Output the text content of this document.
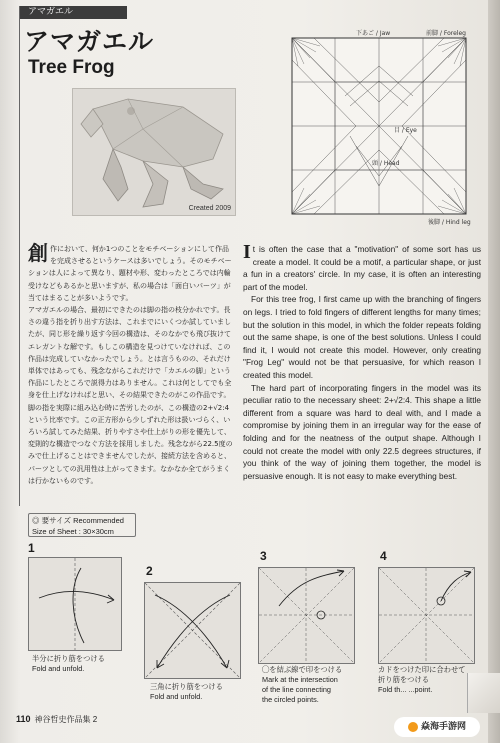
アマガエル
アマガエル
Tree Frog
Created 2009
下あご / Jaw	前脚 / Foreleg
目 / Eye
頭 / Head
後脚 / Hind leg
創作において、何か1つのことをモチベーションにして作品を完成させるというケースは多いでしょう。そのモチベーションは人によって異なり、題材や形、変わったところでは内輪受けなどもあるかと思いますが、私の場合は「面白いパーツ」が当てはまることが多いようです。
アマガエルの場合、最初にできたのは脚の指の枝分かれです。長さの違う指を折り出す方法は、これまでにいくつか試していましたが、同じ形を繰り返す今回の構造は、そのなかでも飛び抜けてエレガントな解です。もしこの構造を見つけていなければ、この作品は完成していなかったでしょう。とは言うものの、それだけ単体ではあっても、残念ながらこれだけで「カエルの脚」という作品にしたところで説得力はありません。これは何としてでも全身を仕上げなければと思い、その結果できたのがこの作品です。
脚の指を実際に組み込む時に苦労したのが、この構造の2+√2:4という比率です。この正方形から少しずれた形は扱いづらく、いろいろ試してみた結果、折りやすさや仕上がりの形を優先して、変則的な構造でつなぐ方法を採用しました。残念ながら22.5度のみで仕上げることはできませんでしたが、接続方法を含めると、パーツとしての汎用性は上がってきます。なかなか全てがうまくは行かないものです。

It is often the case that a "motivation" of some sort has us create a model. It could be a motif, a particular shape, or just a fun in a creators' circle. In my case, it is often an interesting part of the model.

For this tree frog, I first came up with the branching of fingers on legs. I tried to fold fingers of different lengths for many times; but the solution in this model, in which the folder repeats folding out the same shape, is one of the best solutions. Unless I could find it, I would not create this model. However, only creating "Frog Leg" would not be that persuasive, for which reason I created this model.

The hard part of incorporating fingers in the model was its peculiar ratio to the necessary sheet: 2+√2:4. This shape a little different from a square was hard to deal with, and I made a compromise by joining them in an irregular way for the ease of folding and for the neatness of the output shape. Although I could not create the model with only 22.5 degrees structures, if you think of the way of joining them together, the model is persuasive enough. It is not easy to make everything best.

◎ 要サイズ Recommended
Size of Sheet : 30×30cm
1
半分に折り筋をつける
Fold and unfold.
2
三角に折り筋をつける
Fold and unfold.
3
◯を結ぶ線で印をつける
Mark at the intersection
of the line connecting
the circled points.
4
カドをつけた印に合わせて
折り筋をつける
Fold th... ...point.
110 神谷哲史作品集 2
焱海手游网
